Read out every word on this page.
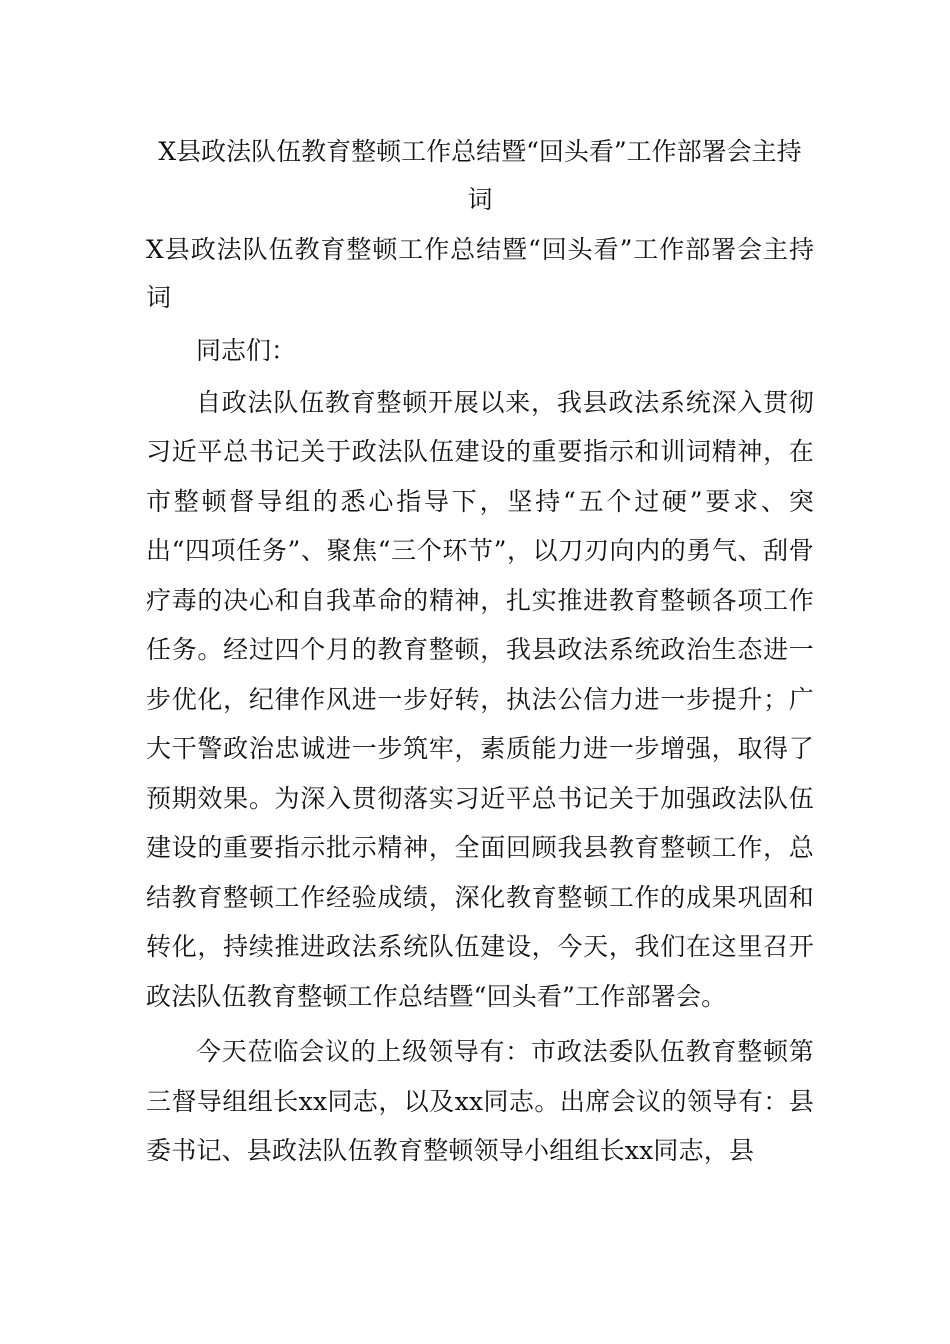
X县政法队伍教育整顿工作总结暨“回头看”工作部署会主持词
X县政法队伍教育整顿工作总结暨“回头看”工作部署会主持词

同志们：

自政法队伍教育整顿开展以来，我县政法系统深入贯彻习近平总书记关于政法队伍建设的重要指示和训词精神，在市整顿督导组的悉心指导下，坚持“五个过硬”要求、突出“四项任务”、聚焦“三个环节”，以刀刃向内的勇气、刮骨疗毒的决心和自我革命的精神，扎实推进教育整顿各项工作任务。经过四个月的教育整顿，我县政法系统政治生态进一步优化，纪律作风进一步好转，执法公信力进一步提升；广大干警政治忠诚进一步筑牢，素质能力进一步增强，取得了预期效果。为深入贯彻落实习近平总书记关于加强政法队伍建设的重要指示批示精神，全面回顾我县教育整顿工作，总结教育整顿工作经验成绩，深化教育整顿工作的成果巩固和转化，持续推进政法系统队伍建设，今天，我们在这里召开政法队伍教育整顿工作总结暨“回头看”工作部署会。

今天莅临会议的上级领导有：市政法委队伍教育整顿第三督导组组长xx同志，以及xx同志。出席会议的领导有：县委书记、县政法队伍教育整顿领导小组组长xx同志，县
